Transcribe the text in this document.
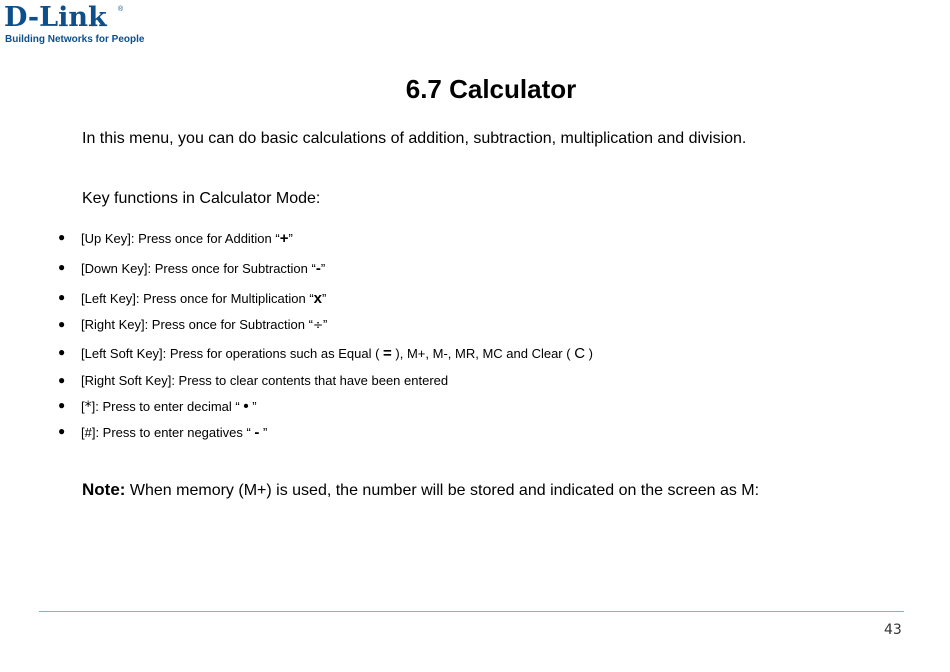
D-Link ®
Building Networks for People
6.7 Calculator
In this menu, you can do basic calculations of addition, subtraction, multiplication and division.
Key functions in Calculator Mode:
● [Up Key]: Press once for Addition “+”
● [Down Key]: Press once for Subtraction “-”
● [Left Key]: Press once for Multiplication “x”
● [Right Key]: Press once for Subtraction “÷”
● [Left Soft Key]: Press for operations such as Equal ( = ), M+, M-, MR, MC and Clear ( C )
● [Right Soft Key]: Press to clear contents that have been entered
● [*]: Press to enter decimal “ • ”
● [#]: Press to enter negatives “ - ”
Note: When memory (M+) is used, the number will be stored and indicated on the screen as M:
43
